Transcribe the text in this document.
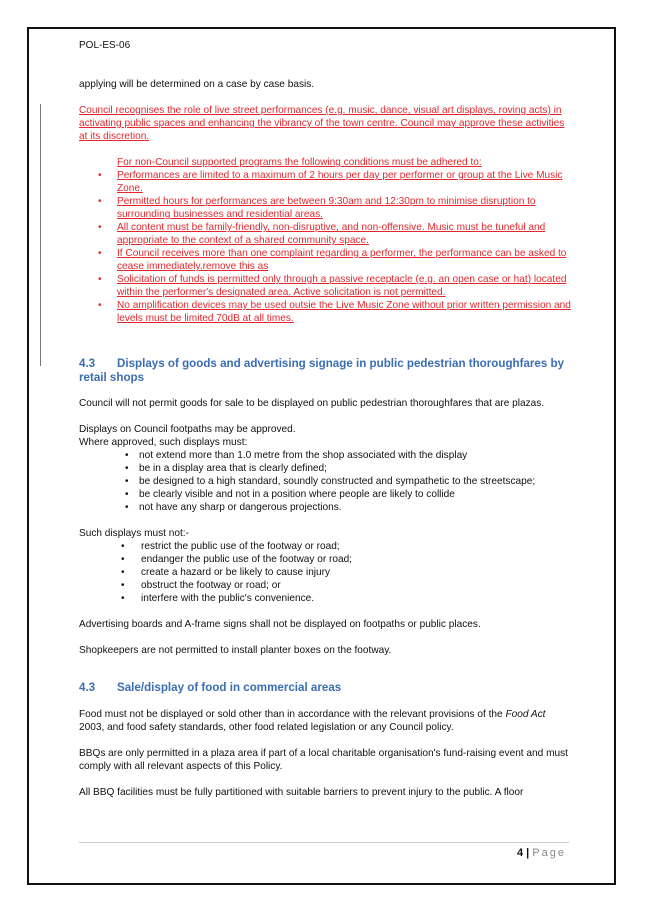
POL-ES-06

applying will be determined on a case by case basis.

Council recognises the role of live street performances (e.g. music, dance, visual art displays, roving acts) in activating public spaces and enhancing the vibrancy of the town centre. Council may approve these activities at its discretion.

For non-Council supported programs the following conditions must be adhered to:

• Performances are limited to a maximum of 2 hours per day per performer or group at the Live Music Zone.
• Permitted hours for performances are between 9:30am and 12:30pm to minimise disruption to surrounding businesses and residential areas.
• All content must be family-friendly, non-disruptive, and non-offensive. Music must be tuneful and appropriate to the context of a shared community space.
• If Council receives more than one complaint regarding a performer, the performance can be asked to cease immediately.remove this as
• Solicitation of funds is permitted only through a passive receptacle (e.g. an open case or hat) located within the performer's designated area. Active solicitation is not permitted.
• No amplification devices may be used outsie the Live Music Zone without prior written permission and levels must be limited 70dB at all times.
4.3 Displays of goods and advertising signage in public pedestrian thoroughfares by retail shops

Council will not permit goods for sale to be displayed on public pedestrian thoroughfares that are plazas.

Displays on Council footpaths may be approved.

Where approved, such displays must:

• not extend more than 1.0 metre from the shop associated with the display
• be in a display area that is clearly defined;
• be designed to a high standard, soundly constructed and sympathetic to the streetscape;
• be clearly visible and not in a position where people are likely to collide
• not have any sharp or dangerous projections.

Such displays must not:-

• restrict the public use of the footway or road;
• endanger the public use of the footway or road;
• create a hazard or be likely to cause injury
• obstruct the footway or road; or
• interfere with the public's convenience.

Advertising boards and A-frame signs shall not be displayed on footpaths or public places.

Shopkeepers are not permitted to install planter boxes on the footway.

4.3 Sale/display of food in commercial areas

Food must not be displayed or sold other than in accordance with the relevant provisions of the Food Act 2003, and food safety standards, other food related legislation or any Council policy.

BBQs are only permitted in a plaza area if part of a local charitable organisation's fund-raising event and must comply with all relevant aspects of this Policy.

All BBQ facilities must be fully partitioned with suitable barriers to prevent injury to the public. A floor

4 | Page
